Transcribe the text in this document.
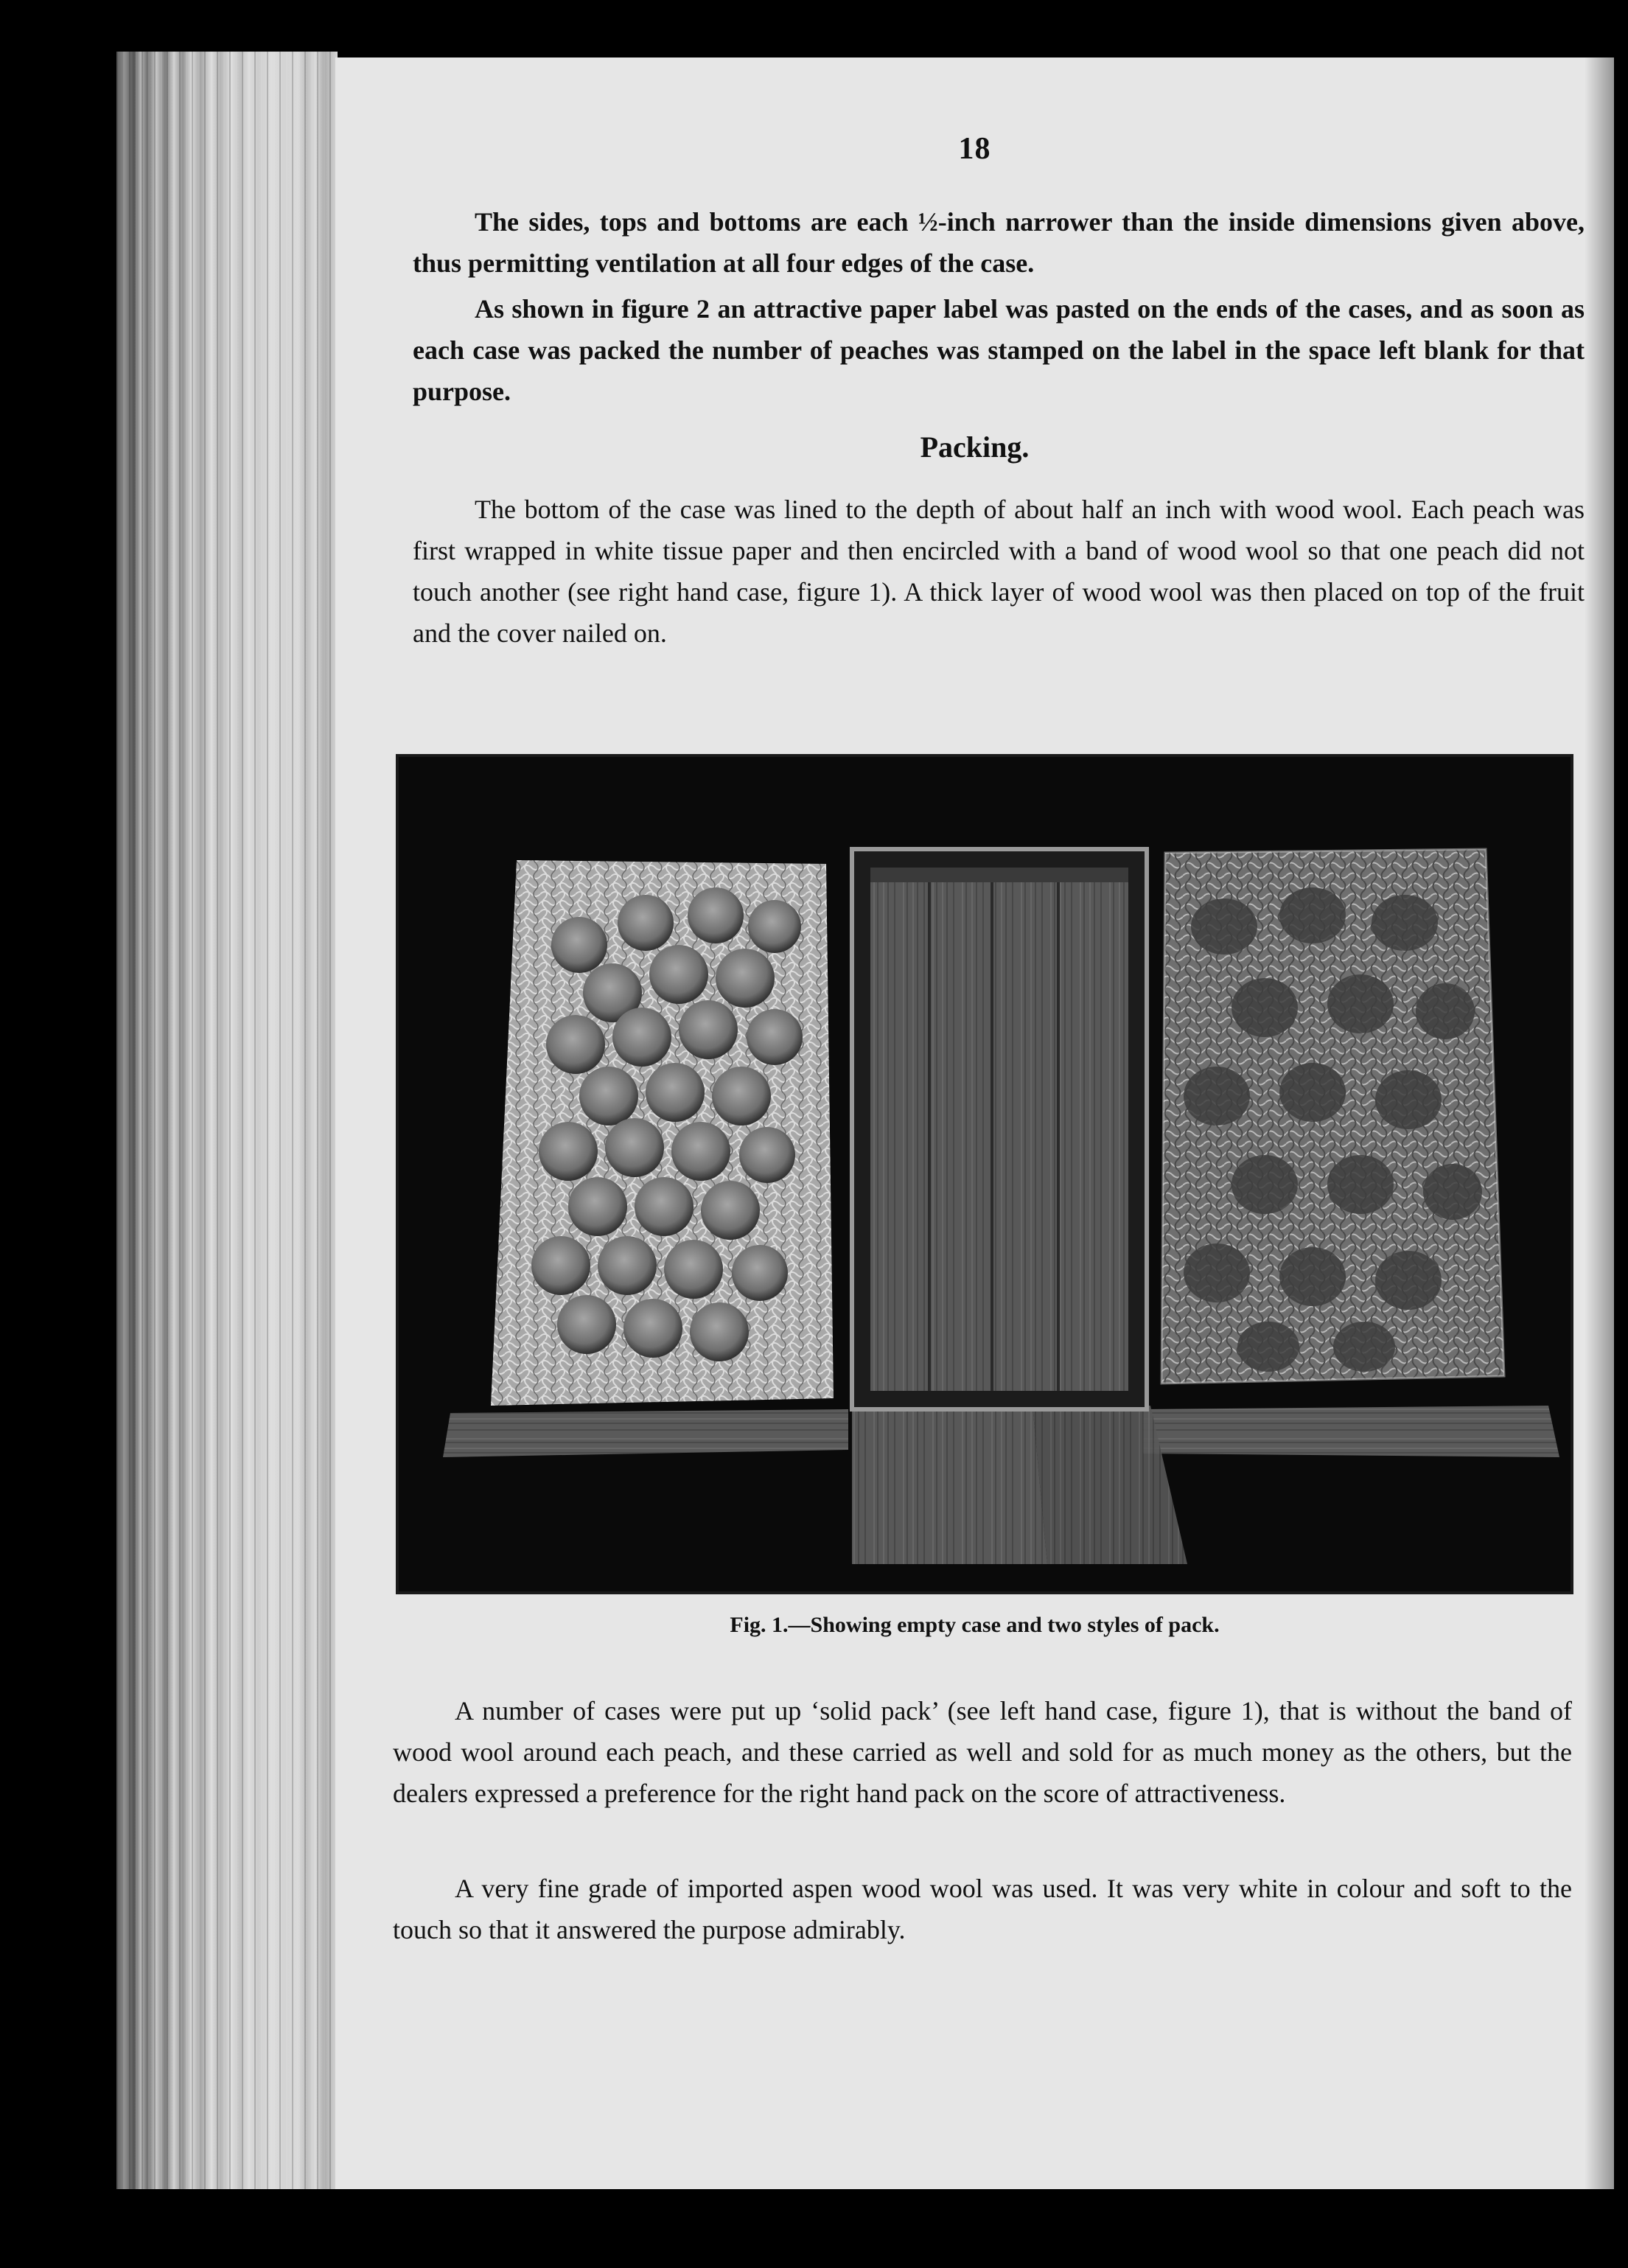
18

The sides, tops and bottoms are each ½-inch narrower than the inside dimensions given above, thus permitting ventilation at all four edges of the case.

As shown in figure 2 an attractive paper label was pasted on the ends of the cases, and as soon as each case was packed the number of peaches was stamped on the label in the space left blank for that purpose.

Packing.

The bottom of the case was lined to the depth of about half an inch with wood wool. Each peach was first wrapped in white tissue paper and then encircled with a band of wood wool so that one peach did not touch another (see right hand case, figure 1). A thick layer of wood wool was then placed on top of the fruit and the cover nailed on.

Fig. 1.—Showing empty case and two styles of pack.

A number of cases were put up ‘solid pack’ (see left hand case, figure 1), that is without the band of wood wool around each peach, and these carried as well and sold for as much money as the others, but the dealers expressed a preference for the right hand pack on the score of attractiveness.

A very fine grade of imported aspen wood wool was used. It was very white in colour and soft to the touch so that it answered the purpose admirably.
